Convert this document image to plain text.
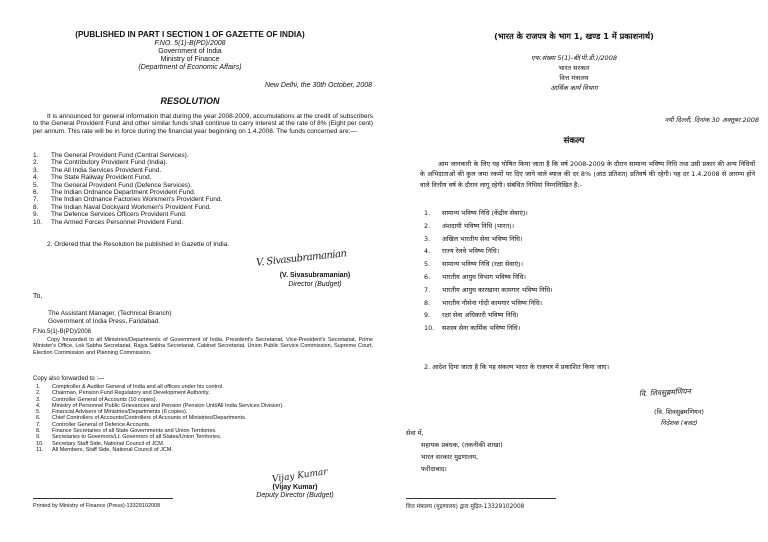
(PUBLISHED IN PART I SECTION 1 OF GAZETTE OF INDIA)
F.NO. 5(1)-B(PD)/2008
Government of India
Ministry of Finance
(Department of Economic Affairs)
New Delhi, the 30th October, 2008
RESOLUTION
It is announced for general information that during the year 2008-2009, accumulations at the credit of subscribers to the General Provident Fund and other similar funds shall continue to carry interest at the rate of 8% (Eight per cent) per annum. This rate will be in force during the financial year beginning on 1.4.2008. The funds concerned are:—
1. The General Provident Fund (Central Services).
2. The Contributory Provident Fund (India).
3. The All India Services Provident Fund.
4. The State Railway Provident Fund.
5. The General Provident Fund (Defence Services).
6. The Indian Ordnance Department Provident Fund.
7. The Indian Ordnance Factories Workmen's Provident Fund.
8. The Indian Naval Dockyard Workmen's Provident Fund.
9. The Defence Services Officers Provident Fund.
10. The Armed Forces Personnel Provident Fund.
2. Ordered that the Resolution be published in Gazette of India.
V. Sivasubramanian
(V. Sivasubramanian)
Director (Budget)
To,
The Assistant Manager, (Technical Branch)
Government of India Press, Faridabad.
F.No.5(1)-B(PD)/2008
Copy forwarded to all Ministries/Departments of Government of India, President's Secretariat, Vice-President's Secretariat, Prime Minister's Office, Lok Sabha Secretariat, Rajya Sabha Secretariat, Cabinet Secretariat, Union Public Service Commission, Supreme Court, Election Commission and Planning Commission.
Copy also forwarded to :—
1. Comptroller & Auditor General of India and all offices under his control.
2. Chairman, Pension Fund Regulatory and Development Authority.
3. Controller General of Accounts (10 copies).
4. Ministry of Personnel Public Grievances and Pension (Pension Unit/All India Services Division).
5. Financial Advisers of Ministries/Departments (6 copies).
6. Chief Controllers of Accounts/Controllers of Accounts of Ministries/Departments.
7. Controller General of Defence Accounts.
8. Finance Secretaries of all State Governments and Union Territories.
9. Secretaries to Governors/Lt. Governors of all States/Union Territories.
10. Secretary Staff Side, National Council of JCM.
11. All Members, Staff Side, National Council of JCM.
Vijay Kumar
(Vijay Kumar)
Deputy Director (Budget)
Printed by Ministry of Finance (Press)-13329102008
(भारत के राजपत्र के भाग 1, खण्ड 1 में प्रकाशनार्थ)
एफ.संख्या 5(1)-बी(पी.डी.)/2008
भारत सरकार
वित्त मंत्रालय
आर्थिक कार्य विभाग
नयी दिल्ली, दिनांक 30 अक्तूबर 2008
संकल्प
आम जानकारी के लिए यह घोषित किया जाता है कि वर्ष 2008-2009 के दौरान सामान्य भविष्य निधि तथा उसी प्रकार की अन्य निधियों के अभिदाताओं की कुल जमा रकमों पर दिए जाने वाले ब्याज की दर 8% (आठ प्रतिशत) प्रतिवर्ष की रहेगी। यह दर 1.4.2008 से आरम्भ होने वाले वित्तीय वर्ष के दौरान लागू रहेगी। संबंधित निधियां निम्नलिखित है:-
1. सामान्य भविष्य निधि (केंद्रीय सेवाएं)।
2. अंशदायी भविष्य निधि (भारत)।
3. अखिल भारतीय सेवा भविष्य निधि।
4. राज्य रेलवे भविष्य निधि।
5. सामान्य भविष्य निधि (रक्षा सेवाएं)।
6. भारतीय आयुध विभाग भविष्य निधि।
7. भारतीय आयुध कारखाना कामगार भविष्य निधि।
8. भारतीय नौसेना गोदी कामगार भविष्य निधि।
9. रक्षा सेवा अधिकारी भविष्य निधि।
10. सशस्त्र सेना कार्मिक भविष्य निधि।
2. आदेश दिया जाता है कि यह संकल्प भारत के राजपत्र में प्रकाशित किया जाए।
वि. शिवसुब्रमणियन
(वि. शिवसुब्रमणियन)
निदेशक (बजट)
सेवा में,
सहायक प्रबंधक, (तकनीकी शाखा)
भारत सरकार मुद्रणालय,
फरीदाबाद।
वित्त मंत्रालय (मुद्रणालय) द्वारा मुद्रित-13329102008
